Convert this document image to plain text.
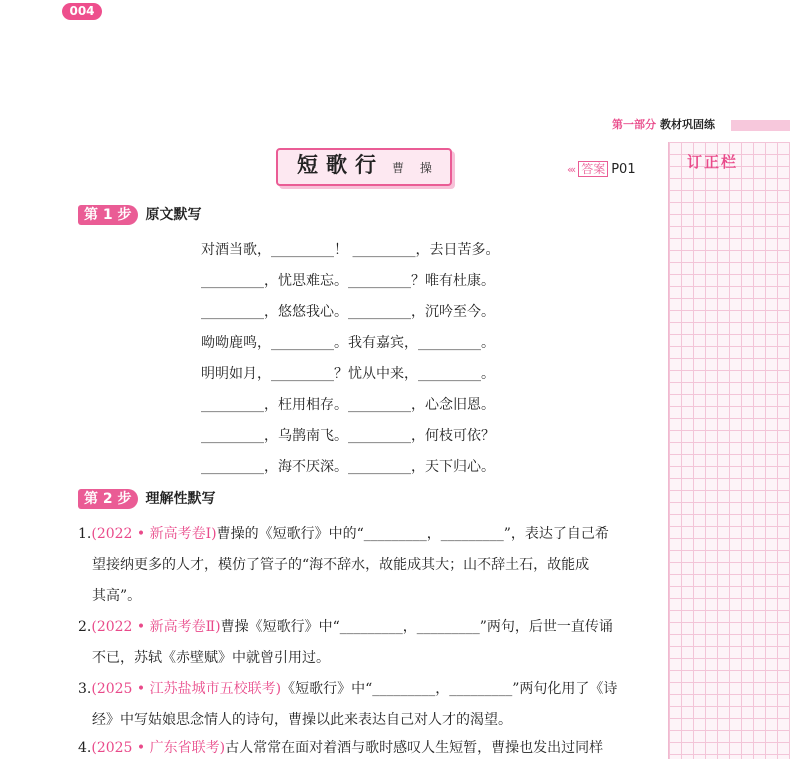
004
第一部分 教材巩固练
订正栏
短歌行 曹 操	‹‹‹ 答案 P01
第 1 步 原文默写
对酒当歌，_________！ _________，去日苦多。
_________，忧思难忘。_________？唯有杜康。
_________，悠悠我心。_________，沉吟至今。
呦呦鹿鸣，_________。我有嘉宾，_________。
明明如月，_________？忧从中来，_________。
_________，枉用相存。_________，心念旧恩。
_________，乌鹊南飞。_________，何枝可依？
_________，海不厌深。_________，天下归心。
第 2 步 理解性默写
1.(2022 • 新高考卷Ⅰ)曹操的《短歌行》中的“_________，_________”，表达了自己希
望接纳更多的人才，模仿了管子的“海不辞水，故能成其大；山不辞土石，故能成
其高”。
2.(2022 • 新高考卷Ⅱ)曹操《短歌行》中“_________，_________”两句，后世一直传诵
不已，苏轼《赤壁赋》中就曾引用过。
3.(2025 • 江苏盐城市五校联考)《短歌行》中“_________，_________”两句化用了《诗
经》中写姑娘思念情人的诗句，曹操以此来表达自己对人才的渴望。
4.(2025 • 广东省联考)古人常常在面对着酒与歌时感叹人生短暂，曹操也发出过同样
